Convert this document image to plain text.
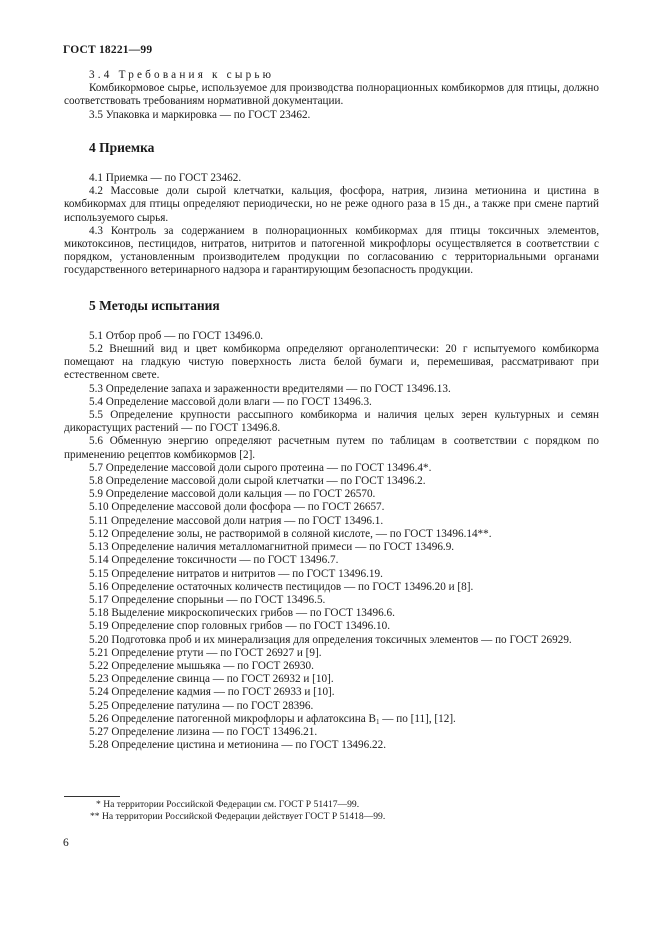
ГОСТ 18221—99

3.4 Требования к сырью

Комбикормовое сырье, используемое для производства полнорационных комбикормов для птицы, должно соответствовать требованиям нормативной документации.

3.5 Упаковка и маркировка — по ГОСТ 23462.

4 Приемка

4.1 Приемка — по ГОСТ 23462.

4.2 Массовые доли сырой клетчатки, кальция, фосфора, натрия, лизина метионина и цистина в комбикормах для птицы определяют периодически, но не реже одного раза в 15 дн., а также при смене партий используемого сырья.

4.3 Контроль за содержанием в полнорационных комбикормах для птицы токсичных элементов, микотоксинов, пестицидов, нитратов, нитритов и патогенной микрофлоры осуществляется в соответствии с порядком, установленным производителем продукции по согласованию с территориальными органами государственного ветеринарного надзора и гарантирующим безопасность продукции.

5 Методы испытания

5.1 Отбор проб — по ГОСТ 13496.0.

5.2 Внешний вид и цвет комбикорма определяют органолептически: 20 г испытуемого комбикорма помещают на гладкую чистую поверхность листа белой бумаги и, перемешивая, рассматривают при естественном свете.

5.3 Определение запаха и зараженности вредителями — по ГОСТ 13496.13.

5.4 Определение массовой доли влаги — по ГОСТ 13496.3.

5.5 Определение крупности рассыпного комбикорма и наличия целых зерен культурных и семян дикорастущих растений — по ГОСТ 13496.8.

5.6 Обменную энергию определяют расчетным путем по таблицам в соответствии с порядком по применению рецептов комбикормов [2].

5.7 Определение массовой доли сырого протеина — по ГОСТ 13496.4*.

5.8 Определение массовой доли сырой клетчатки — по ГОСТ 13496.2.

5.9 Определение массовой доли кальция — по ГОСТ 26570.

5.10 Определение массовой доли фосфора — по ГОСТ 26657.

5.11 Определение массовой доли натрия — по ГОСТ 13496.1.

5.12 Определение золы, не растворимой в соляной кислоте, — по ГОСТ 13496.14**.

5.13 Определение наличия металломагнитной примеси — по ГОСТ 13496.9.

5.14 Определение токсичности — по ГОСТ 13496.7.

5.15 Определение нитратов и нитритов — по ГОСТ 13496.19.

5.16 Определение остаточных количеств пестицидов — по ГОСТ 13496.20 и [8].

5.17 Определение спорыньи — по ГОСТ 13496.5.

5.18 Выделение микроскопических грибов — по ГОСТ 13496.6.

5.19 Определение спор головных грибов — по ГОСТ 13496.10.

5.20 Подготовка проб и их минерализация для определения токсичных элементов — по ГОСТ 26929.

5.21 Определение ртути — по ГОСТ 26927 и [9].

5.22 Определение мышьяка — по ГОСТ 26930.

5.23 Определение свинца — по ГОСТ 26932 и [10].

5.24 Определение кадмия — по ГОСТ 26933 и [10].

5.25 Определение патулина — по ГОСТ 28396.

5.26 Определение патогенной микрофлоры и афлатоксина $В_1$ — по [11], [12].

5.27 Определение лизина — по ГОСТ 13496.21.

5.28 Определение цистина и метионина — по ГОСТ 13496.22.

* На территории Российской Федерации см. ГОСТ Р 51417—99.
** На территории Российской Федерации действует ГОСТ Р 51418—99.
6
